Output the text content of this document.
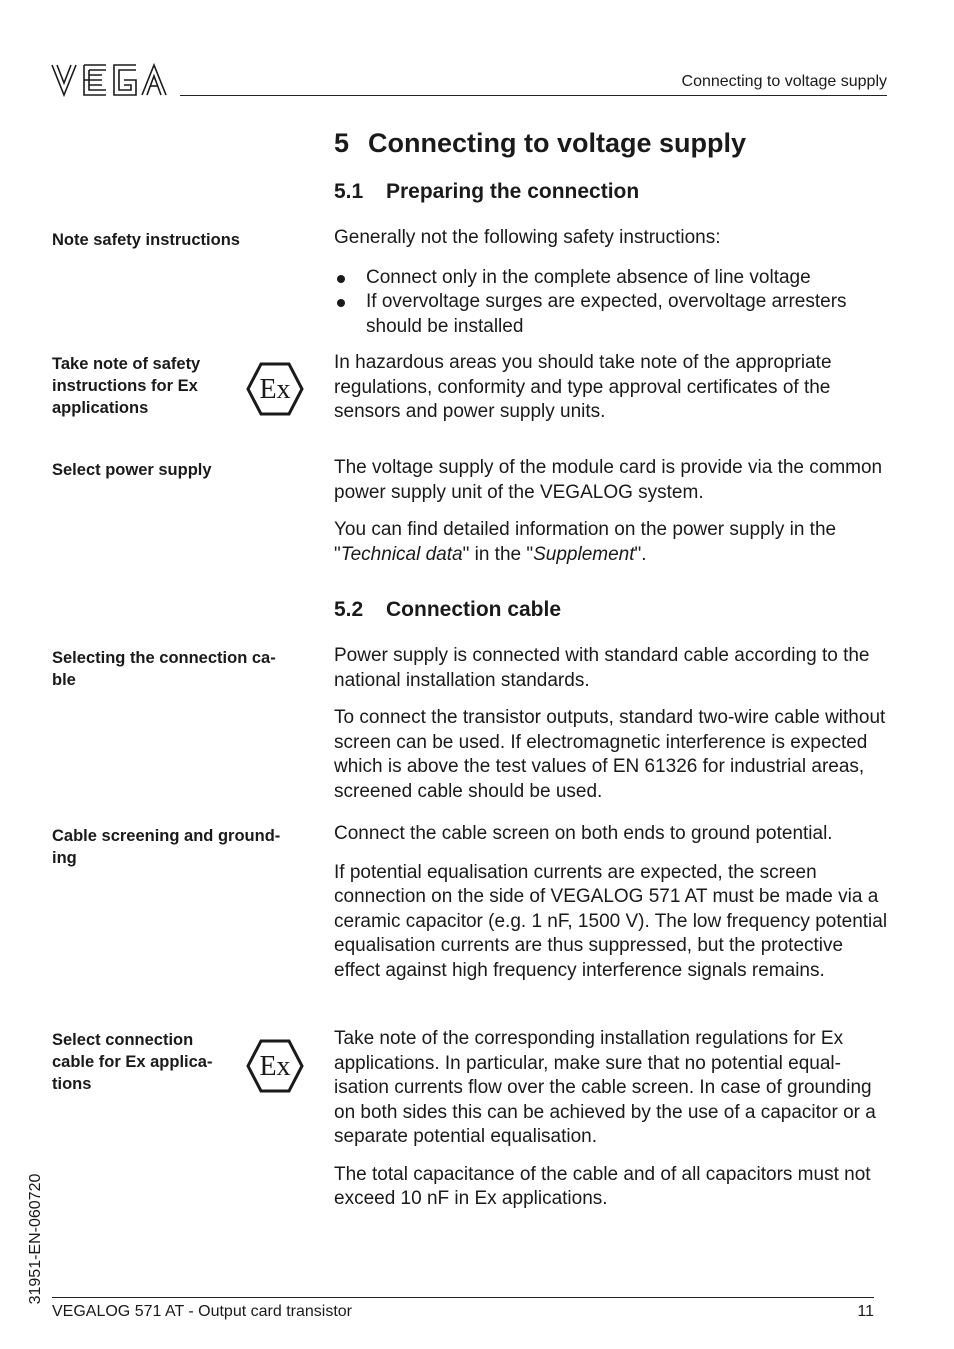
Connecting to voltage supply
5 Connecting to voltage supply
5.1 Preparing the connection
Note safety instructions	Generally not the following safety instructions:

Connect only in the complete absence of line voltage
If overvoltage surges are expected, overvoltage arresters should be installed
Take note of safety
instructions for Ex
applications
Ex
In hazardous areas you should take note of the appropriate regulations, conformity and type approval certificates of the sensors and power supply units.
Select power supply	The voltage supply of the module card is provide via the common power supply unit of the VEGALOG system.

You can find detailed information on the power supply in the "Technical data" in the "Supplement".

5.2 Connection cable
Selecting the connection ca-
ble

Power supply is connected with standard cable according to the national installation standards.

To connect the transistor outputs, standard two-wire cable without screen can be used. If electromagnetic interference is expected which is above the test values of EN 61326 for industrial areas, screened cable should be used.

Cable screening and ground-
ing

Connect the cable screen on both ends to ground potential.

If potential equalisation currents are expected, the screen connection on the side of VEGALOG 571 AT must be made via a ceramic capacitor (e.g. 1 nF, 1500 V). The low frequency potential equalisation currents are thus suppressed, but the protective effect against high frequency interference signals remains.

Select connection
cable for Ex applica-
tions
Ex

Take note of the corresponding installation regulations for Ex applications. In particular, make sure that no potential equal-isation currents flow over the cable screen. In case of grounding on both sides this can be achieved by the use of a capacitor or a separate potential equalisation.

The total capacitance of the cable and of all capacitors must not exceed 10 nF in Ex applications.

31951-EN-060720
VEGALOG 571 AT - Output card transistor	11
